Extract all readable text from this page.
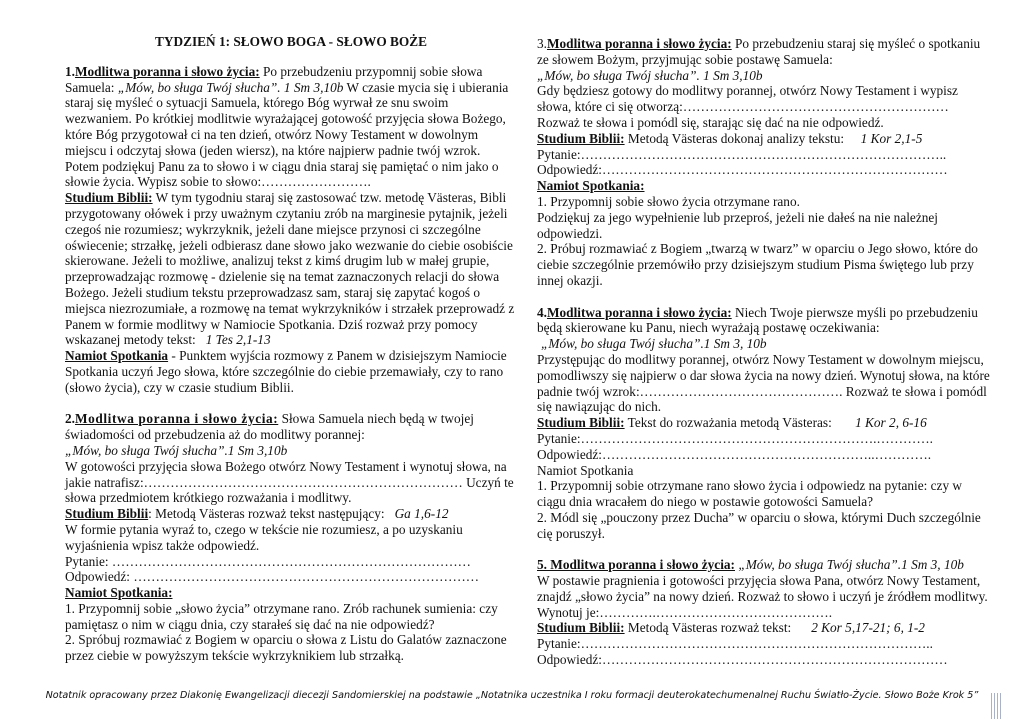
TYDZIEŃ 1: SŁOWO BOGA - SŁOWO BOŻE

1.Modlitwa poranna i słowo życia: Po przebudzeniu przypomnij sobie słowa Samuela: „Mów, bo sługa Twój słucha”. 1 Sm 3,10b W czasie mycia się i ubierania staraj się myśleć o sytuacji Samuela, którego Bóg wyrwał ze snu swoim wezwaniem. Po krótkiej modlitwie wyrażającej gotowość przyjęcia słowa Bożego, które Bóg przygotował ci na ten dzień, otwórz Nowy Testament w dowolnym miejscu i odczytaj słowa (jeden wiersz), na które najpierw padnie twój wzrok. Potem podziękuj Panu za to słowo i w ciągu dnia staraj się pamiętać o nim jako o słowie życia. Wypisz sobie to słowo:…………………….
Studium Biblii: W tym tygodniu staraj się zastosować tzw. metodę Västeras, Bibli przygotowany ołówek i przy uważnym czytaniu zrób na marginesie pytajnik, jeżeli czegoś nie rozumiesz; wykrzyknik, jeżeli dane miejsce przynosi ci szczególne oświecenie; strzałkę, jeżeli odbierasz dane słowo jako wezwanie do ciebie osobiście skierowane. Jeżeli to możliwe, analizuj tekst z kimś drugim lub w małej grupie, przeprowadzając rozmowę - dzielenie się na temat zaznaczonych relacji do słowa Bożego. Jeżeli studium tekstu przeprowadzasz sam, staraj się zapytać kogoś o miejsca niezrozumiałe, a rozmowę na temat wykrzykników i strzałek przeprowadź z Panem w formie modlitwy w Namiocie Spotkania. Dziś rozważ przy pomocy wskazanej metody tekst: 1 Tes 2,1-13
Namiot Spotkania - Punktem wyjścia rozmowy z Panem w dzisiejszym Namiocie Spotkania uczyń Jego słowa, które szczególnie do ciebie przemawiały, czy to rano (słowo życia), czy w czasie studium Biblii.

2.Modlitwa poranna i słowo życia: Słowa Samuela niech będą w twojej świadomości od przebudzenia aż do modlitwy porannej:
„Mów, bo sługa Twój słucha”.1 Sm 3,10b
W gotowości przyjęcia słowa Bożego otwórz Nowy Testament i wynotuj słowa, na jakie natrafisz:……………………………………………………………… Uczyń te słowa przedmiotem krótkiego rozważania i modlitwy.
Studium Biblii: Metodą Västeras rozważ tekst następujący: Ga 1,6-12
W formie pytania wyraź to, czego w tekście nie rozumiesz, a po uzyskaniu wyjaśnienia wpisz także odpowiedź.
Pytanie: ………………………………………………………………………
Odpowiedź: ……………………………………………………………………
Namiot Spotkania:
1. Przypomnij sobie „słowo życia” otrzymane rano. Zrób rachunek sumienia: czy pamiętasz o nim w ciągu dnia, czy starałeś się dać na nie odpowiedź?
2. Spróbuj rozmawiać z Bogiem w oparciu o słowa z Listu do Galatów zaznaczone przez ciebie w powyższym tekście wykrzyknikiem lub strzałką.

3.Modlitwa poranna i słowo życia: Po przebudzeniu staraj się myśleć o spotkaniu ze słowem Bożym, przyjmując sobie postawę Samuela:
„Mów, bo sługa Twój słucha”. 1 Sm 3,10b
Gdy będziesz gotowy do modlitwy porannej, otwórz Nowy Testament i wypisz słowa, które ci się otworzą:…………………………………………………… Rozważ te słowa i pomódl się, starając się dać na nie odpowiedź.
Studium Biblii: Metodą Västeras dokonaj analizy tekstu: 1 Kor 2,1-5
Pytanie:………………………………………………………………………..
Odpowiedź:……………………………………………………………………
Namiot Spotkania:
1. Przypomnij sobie słowo życia otrzymane rano.
Podziękuj za jego wypełnienie lub przeproś, jeżeli nie dałeś na nie należnej odpowiedzi.
2. Próbuj rozmawiać z Bogiem „twarzą w twarz” w oparciu o Jego słowo, które do ciebie szczególnie przemówiło przy dzisiejszym studium Pisma świętego lub przy innej okazji.

4.Modlitwa poranna i słowo życia: Niech Twoje pierwsze myśli po przebudzeniu będą skierowane ku Panu, niech wyrażają postawę oczekiwania:
„Mów, bo sługa Twój słucha”.1 Sm 3, 10b
Przystępując do modlitwy porannej, otwórz Nowy Testament w dowolnym miejscu, pomodliwszy się najpierw o dar słowa życia na nowy dzień. Wynotuj słowa, na które padnie twój wzrok:………………………………………. Rozważ te słowa i pomódl się nawiązując do nich.
Studium Biblii: Tekst do rozważania metodą Västeras: 1 Kor 2, 6-16
Pytanie:………………………………………………………….………….
Odpowiedź:……………………………………………………..………….
Namiot Spotkania
1. Przypomnij sobie otrzymane rano słowo życia i odpowiedz na pytanie: czy w ciągu dnia wracałem do niego w postawie gotowości Samuela?
2. Módl się „pouczony przez Ducha” w oparciu o słowa, którymi Duch szczególnie cię poruszył.

5. Modlitwa poranna i słowo życia: „Mów, bo sługa Twój słucha”.1 Sm 3, 10b
W postawie pragnienia i gotowości przyjęcia słowa Pana, otwórz Nowy Testament, znajdź „słowo życia” na nowy dzień. Rozważ to słowo i uczyń je źródłem modlitwy. Wynotuj je:………….………………………………….
Studium Biblii: Metodą Västeras rozważ tekst: 2 Kor 5,17-21; 6, 1-2
Pytanie:……………………………………………………………………..
Odpowiedź:……………………………………………………………………

Notatnik opracowany przez Diakonię Ewangelizacji diecezji Sandomierskiej na podstawie „Notatnika uczestnika I roku formacji deuterokatechumenalnej Ruchu Światło-Życie. Słowo Boże Krok 5”
